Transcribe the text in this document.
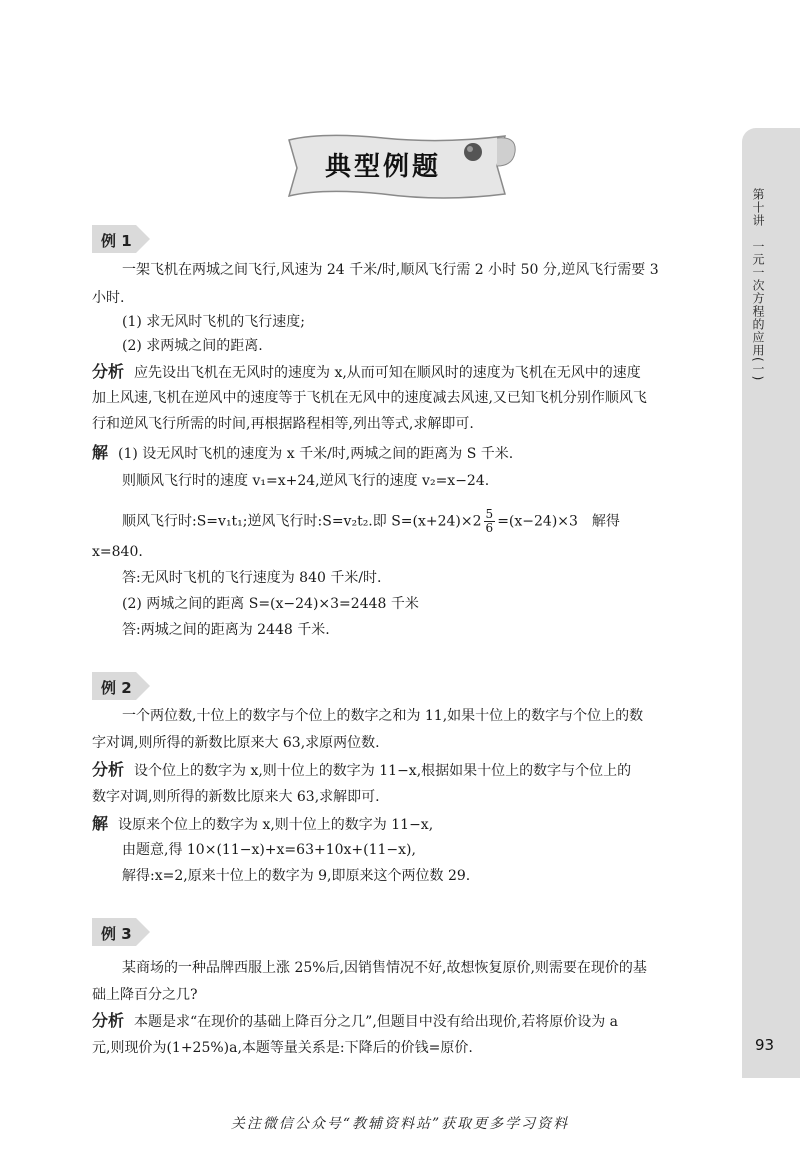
第十讲　一元一次方程的应用(一)
93
典型例题
例 1
一架飞机在两城之间飞行,风速为 24 千米/时,顺风飞行需 2 小时 50 分,逆风飞行需要 3
小时.
(1) 求无风时飞机的飞行速度;
(2) 求两城之间的距离.
分析 应先设出飞机在无风时的速度为 x,从而可知在顺风时的速度为飞机在无风中的速度
加上风速,飞机在逆风中的速度等于飞机在无风中的速度减去风速,又已知飞机分别作顺风飞
行和逆风飞行所需的时间,再根据路程相等,列出等式,求解即可.
解 (1) 设无风时飞机的速度为 x 千米/时,两城之间的距离为 S 千米.
则顺风飞行时的速度 v₁=x+24,逆风飞行的速度 v₂=x−24.
顺风飞行时:S=v₁t₁;逆风飞行时:S=v₂t₂.即 $S=(x+24)\times 2 \frac{5}{6} =(x-24)\times 3$　解得
x=840.
答:无风时飞机的飞行速度为 840 千米/时.
(2) 两城之间的距离 S=(x−24)×3=2448 千米
答:两城之间的距离为 2448 千米.
例 2
一个两位数,十位上的数字与个位上的数字之和为 11,如果十位上的数字与个位上的数
字对调,则所得的新数比原来大 63,求原两位数.
分析 设个位上的数字为 x,则十位上的数字为 11−x,根据如果十位上的数字与个位上的
数字对调,则所得的新数比原来大 63,求解即可.
解 设原来个位上的数字为 x,则十位上的数字为 11−x,
由题意,得 10×(11−x)+x=63+10x+(11−x),
解得:x=2,原来十位上的数字为 9,即原来这个两位数 29.
例 3
某商场的一种品牌西服上涨 25%后,因销售情况不好,故想恢复原价,则需要在现价的基
础上降百分之几?
分析 本题是求“在现价的基础上降百分之几”,但题目中没有给出现价,若将原价设为 a
元,则现价为(1+25%)a,本题等量关系是:下降后的价钱=原价.
关注微信公众号“教辅资料站”获取更多学习资料
